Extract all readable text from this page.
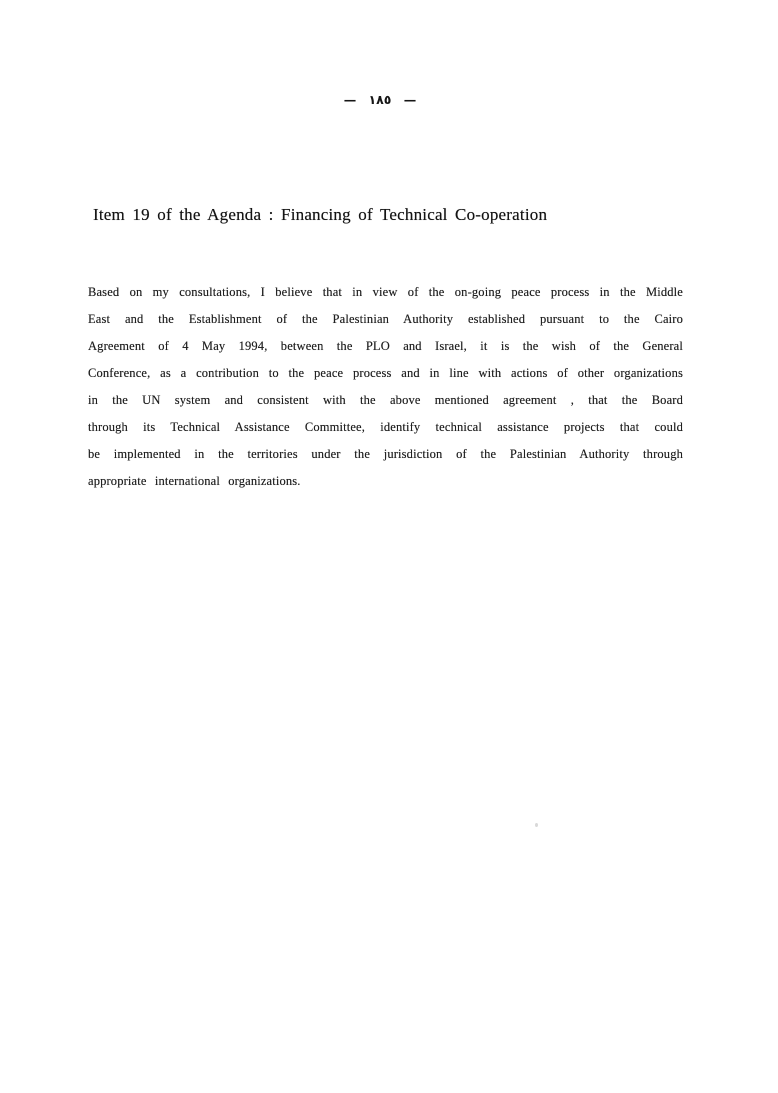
— ١٨٥ —
Item 19 of the Agenda : Financing of Technical Co-operation
Based on my consultations, I believe that in view of the on-going peace process in the Middle
East and the Establishment of the Palestinian Authority established pursuant to the Cairo
Agreement of 4 May 1994, between the PLO and Israel, it is the wish of the General
Conference, as a contribution to the peace process and in line with actions of other organizations
in the UN system and consistent with the above mentioned agreement , that the Board
through its Technical Assistance Committee, identify technical assistance projects that could
be implemented in the territories under the jurisdiction of the Palestinian Authority through
appropriate international organizations.
